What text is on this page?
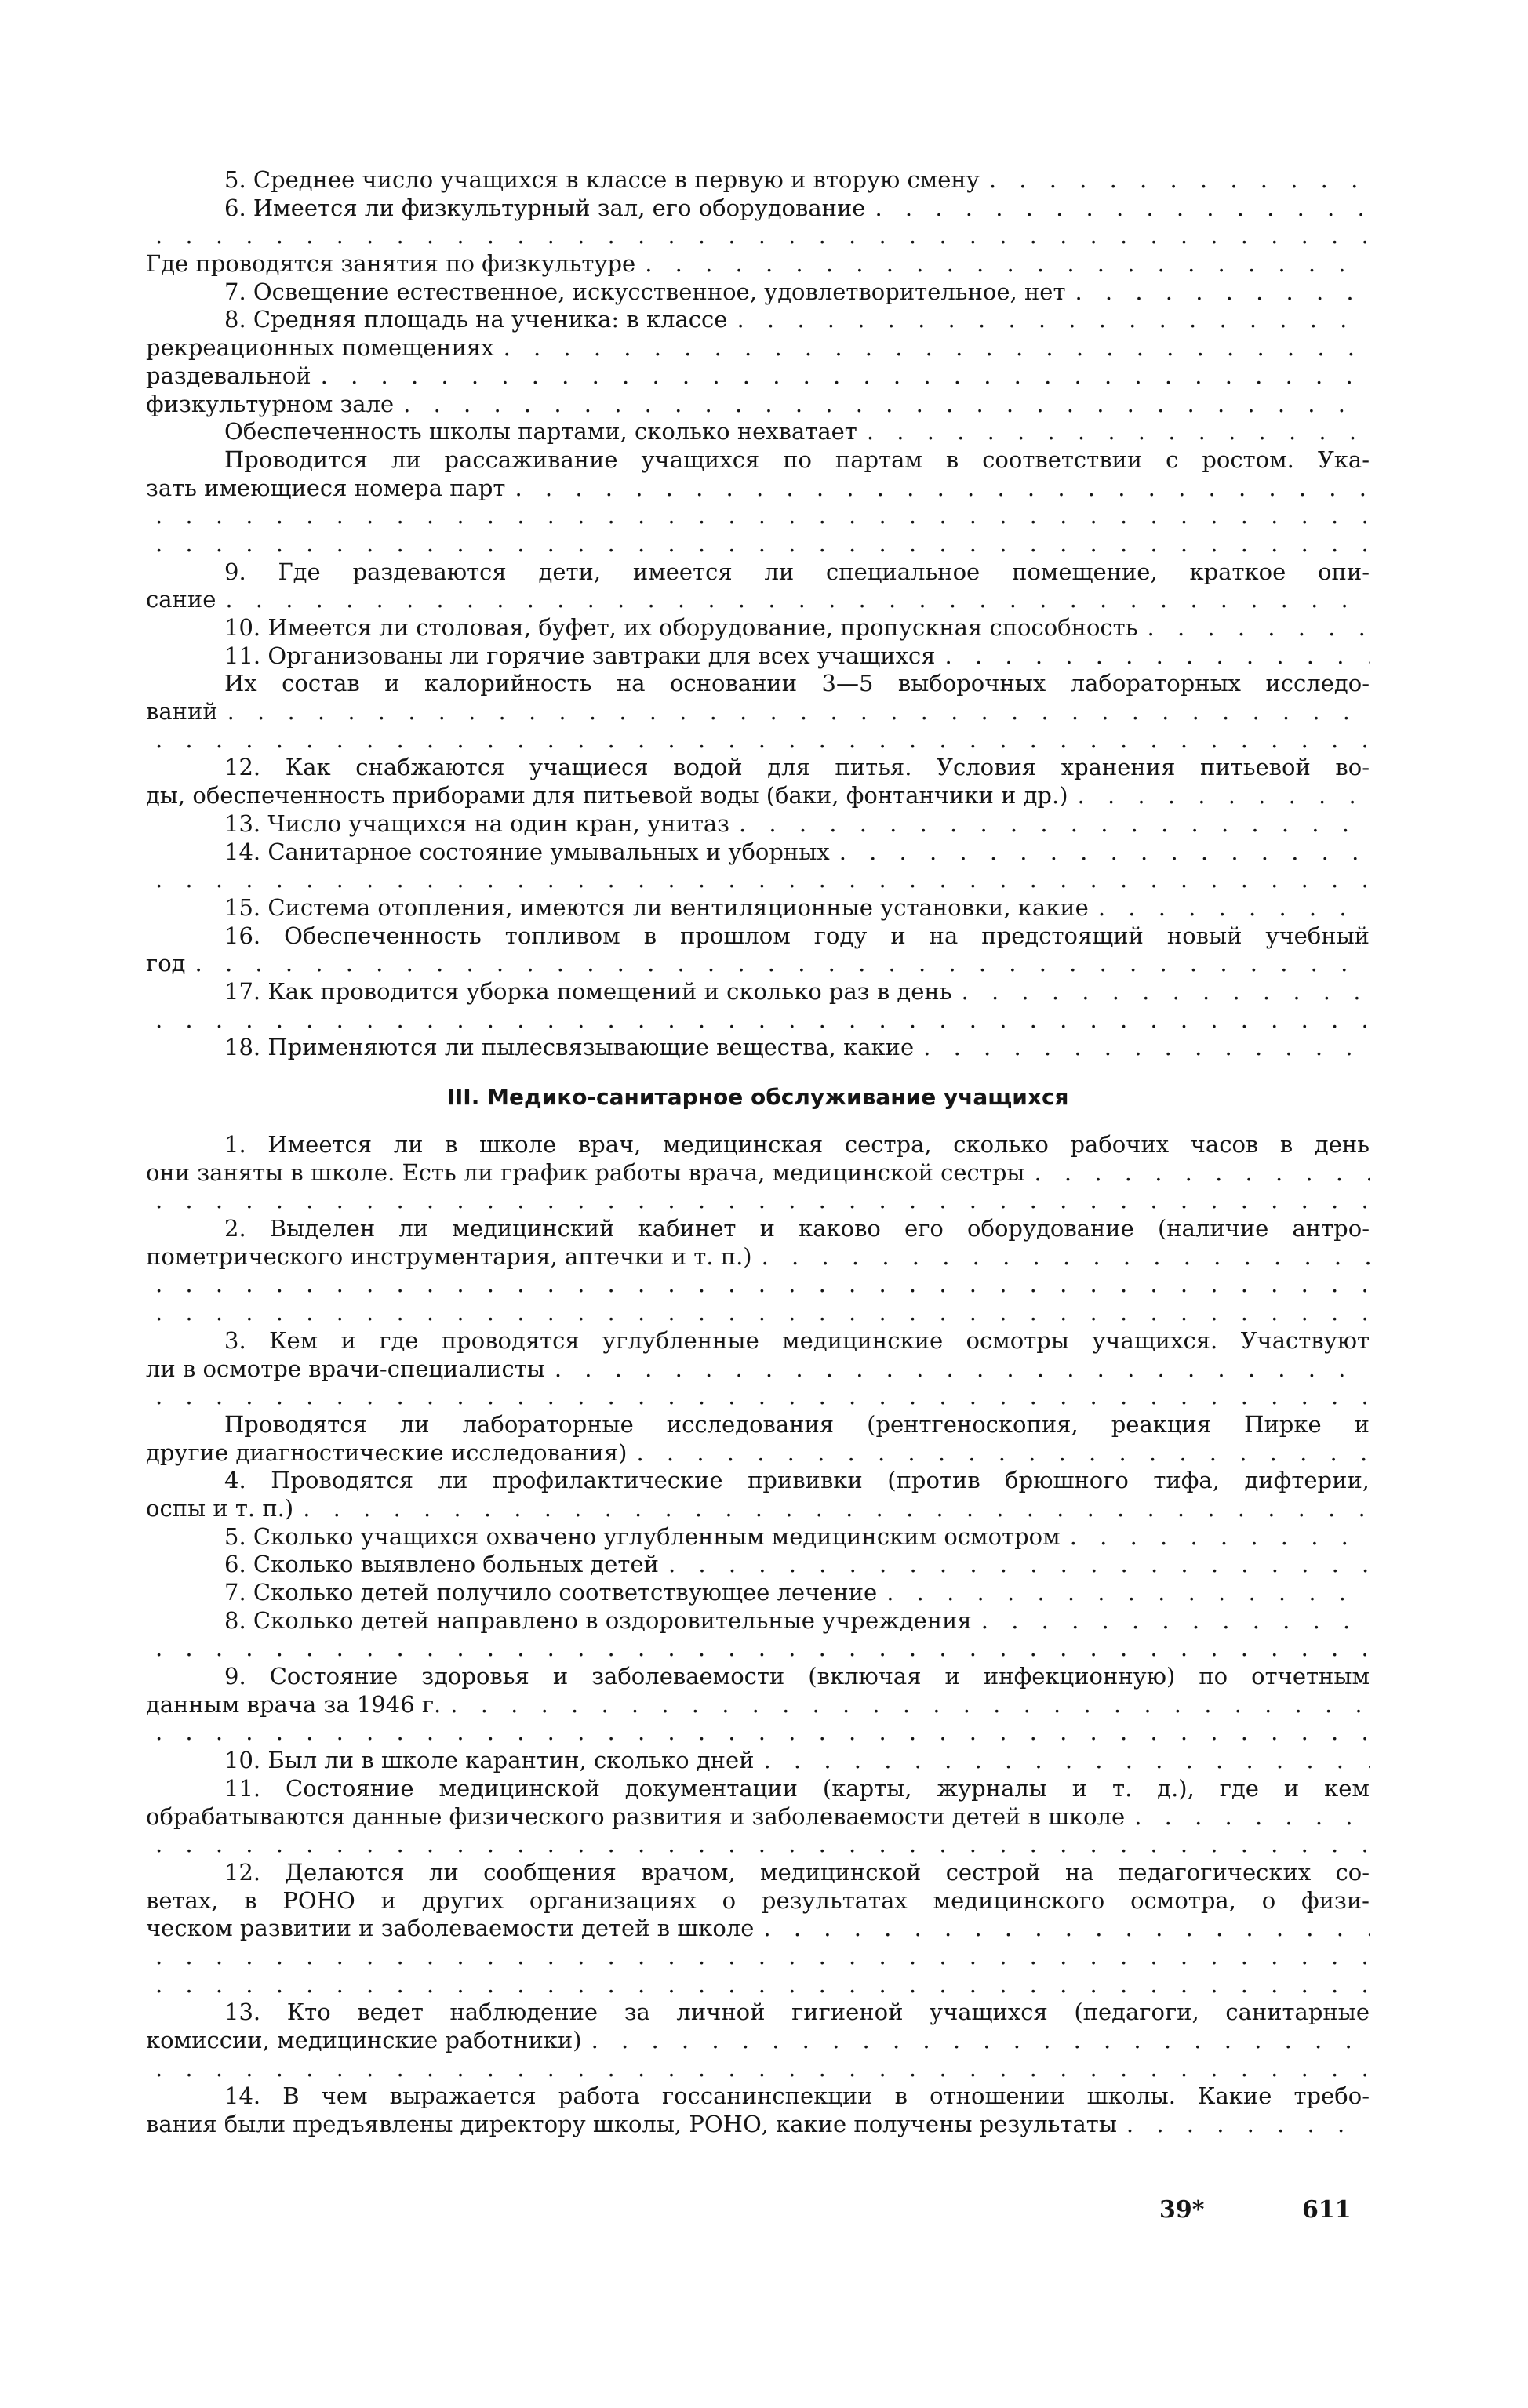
5. Среднее число учащихся в классе в первую и вторую смену
. . .
6. Имеется ли физкультурный зал, его оборудование
. . .
. . .
Где проводятся занятия по физкультуре
. . .
7. Освещение естественное, искусственное, удовлетворительное, нет
. . .
8. Средняя площадь на ученика: в классе
. . .
рекреационных помещениях
. . .
раздевальной
. . .
физкультурном зале
. . .
Обеспеченность школы партами, сколько нехватает
. . .
Проводится ли рассаживание учащихся по партам в соответствии с ростом. Ука-
зать имеющиеся номера парт
. . .
. . .
. . .
9. Где раздеваются дети, имеется ли специальное помещение, краткое опи-
сание
. . .
10. Имеется ли столовая, буфет, их оборудование, пропускная способность
. . .
11. Организованы ли горячие завтраки для всех учащихся
. . .
Их состав и калорийность на основании 3—5 выборочных лабораторных исследо-
ваний
. . .
. . .
12. Как снабжаются учащиеся водой для питья. Условия хранения питьевой во-
ды, обеспеченность приборами для питьевой воды (баки, фонтанчики и др.)
. . .
13. Число учащихся на один кран, унитаз
. . .
14. Санитарное состояние умывальных и уборных
. . .
. . .
15. Система отопления, имеются ли вентиляционные установки, какие
. . .
16. Обеспеченность топливом в прошлом году и на предстоящий новый учебный
год
. . .
17. Как проводится уборка помещений и сколько раз в день
. . .
. . .
18. Применяются ли пылесвязывающие вещества, какие
. . .
III. Медико-санитарное обслуживание учащихся
1. Имеется ли в школе врач, медицинская сестра, сколько рабочих часов в день
они заняты в школе. Есть ли график работы врача, медицинской сестры
. . .
. . .
2. Выделен ли медицинский кабинет и каково его оборудование (наличие антро-
пометрического инструментария, аптечки и т. п.)
. . .
. . .
. . .
3. Кем и где проводятся углубленные медицинские осмотры учащихся. Участвуют
ли в осмотре врачи-специалисты
. . .
. . .
Проводятся ли лабораторные исследования (рентгеноскопия, реакция Пирке и
другие диагностические исследования)
. . .
4. Проводятся ли профилактические прививки (против брюшного тифа, дифтерии,
оспы и т. п.)
. . .
5. Сколько учащихся охвачено углубленным медицинским осмотром
. . .
6. Сколько выявлено больных детей
. . .
7. Сколько детей получило соответствующее лечение
. . .
8. Сколько детей направлено в оздоровительные учреждения
. . .
. . .
9. Состояние здоровья и заболеваемости (включая и инфекционную) по отчетным
данным врача за 1946 г.
. . .
. . .
10. Был ли в школе карантин, сколько дней
. . .
11. Состояние медицинской документации (карты, журналы и т. д.), где и кем
обрабатываются данные физического развития и заболеваемости детей в школе
. . .
. . .
12. Делаются ли сообщения врачом, медицинской сестрой на педагогических со-
ветах, в РОНО и других организациях о результатах медицинского осмотра, о физи-
ческом развитии и заболеваемости детей в школе
. . .
. . .
. . .
13. Кто ведет наблюдение за личной гигиеной учащихся (педагоги, санитарные
комиссии, медицинские работники)
. . .
. . .
14. В чем выражается работа госсанинспекции в отношении школы. Какие требо-
вания были предъявлены директору школы, РОНО, какие получены результаты
. . .
39*	611
